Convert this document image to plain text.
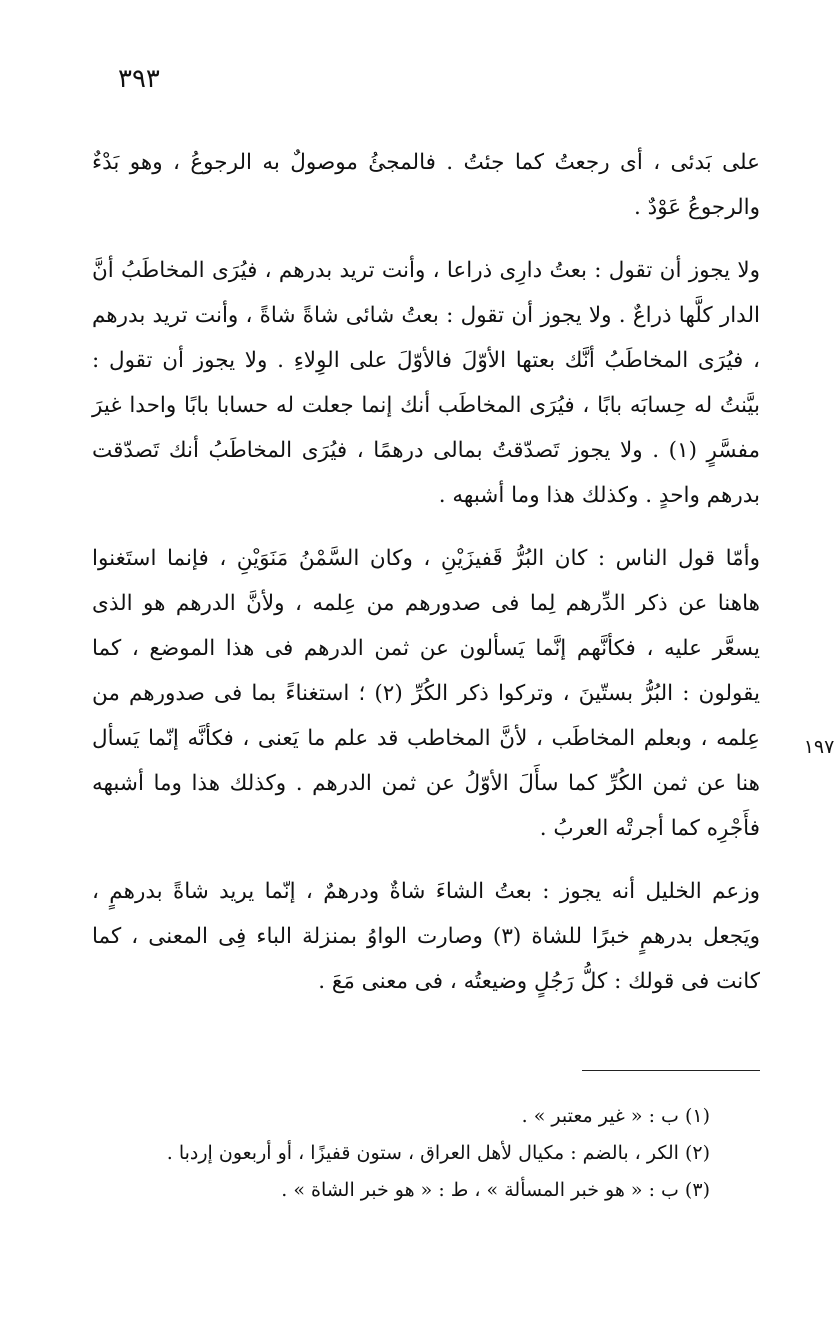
٣٩٣

على بَدئى ، أى رجعتُ كما جئتُ . فالمجئُ موصولٌ به الرجوعُ ، وهو بَدْءٌ والرجوعُ عَوْدٌ .

ولا يجوز أن تقول : بعتُ دارِى ذراعا ، وأنت تريد بدرهم ، فيُرَى المخاطَبُ أنَّ الدار كلَّها ذراعٌ . ولا يجوز أن تقول : بعتُ شائى شاةً شاةً ، وأنت تريد بدرهم ، فيُرَى المخاطَبُ أنَّك بعتها الأوّلَ فالأوّلَ على الوِلاءِ . ولا يجوز أن تقول : بيَّنتُ له حِسابَه بابًا ، فيُرَى المخاطَب أنك إنما جعلت له حسابا بابًا واحدا غيرَ مفسَّرٍ (١) . ولا يجوز تَصدّقتُ بمالى درهمًا ، فيُرَى المخاطَبُ أنك تَصدّقت بدرهم واحدٍ . وكذلك هذا وما أشبهه .

وأمّا قول الناس : كان البُرُّ قَفيزَيْنِ ، وكان السَّمْنُ مَنَوَيْنِ ، فإنما استَغنوا هاهنا عن ذكر الدِّرهم لِما فى صدورهم من عِلمه ، ولأنَّ الدرهم هو الذى يسعَّر عليه ، فكأنَّهم إنَّما يَسألون عن ثمن الدرهم فى هذا الموضع ، كما يقولون : البُرُّ بستّينَ ، وتركوا ذكر الكُرِّ (٢) ؛ استغناءً بما فى صدورهم من عِلمه ، وبعلم المخاطَب ، لأنَّ المخاطب قد علم ما يَعنى ، فكأنَّه إنّما يَسأل هنا عن ثمن الكُرِّ كما سأَلَ الأوّلُ عن ثمن الدرهم . وكذلك هذا وما أشبهه فأَجْرِه كما أجرتْه العربُ .

وزعم الخليل أنه يجوز : بعتُ الشاءَ شاةٌ ودرهمٌ ، إنّما يريد شاةً بدرهمٍ ، ويَجعل بدرهمٍ خبرًا للشاة (٣) وصارت الواوُ بمنزلة الباء فِى المعنى ، كما كانت فى قولك : كلُّ رَجُلٍ وضيعتُه ، فى معنى مَعَ .

١٩٧

(١) ب : « غير معتبر » .

(٢) الكر ، بالضم : مكيال لأهل العراق ، ستون قفيزًا ، أو أربعون إردبا .

(٣) ب : « هو خبر المسألة » ، ط : « هو خبر الشاة » .
